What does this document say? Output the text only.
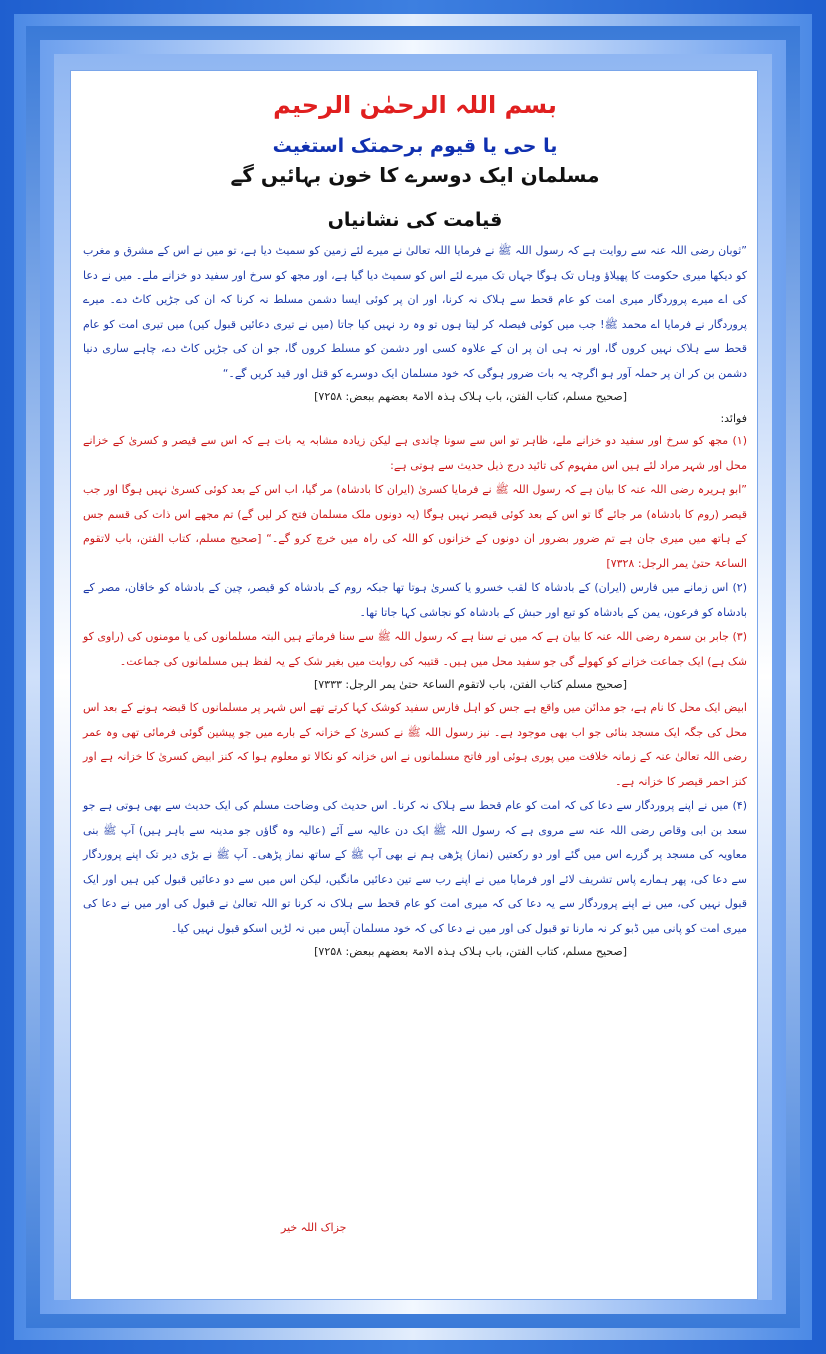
بسم اللہ الرحمٰن الرحیم
یا حی یا قیوم برحمتک استغیث
مسلمان ایک دوسرے کا خون بہائیں گے
قیامت کی نشانیاں

”ثوبان رضی اللہ عنہ سے روایت ہے کہ رسول اللہ ﷺ نے فرمایا اللہ تعالیٰ نے میرے لئے زمین کو سمیٹ دیا ہے، تو میں نے اس کے مشرق و مغرب کو دیکھا میری حکومت کا پھیلاؤ وہاں تک ہوگا جہاں تک میرے لئے اس کو سمیٹ دیا گیا ہے، اور مجھ کو سرخ اور سفید دو خزانے ملے۔ میں نے دعا کی اے میرے پروردگار میری امت کو عام قحط سے ہلاک نہ کرنا، اور ان پر کوئی ایسا دشمن مسلط نہ کرنا کہ ان کی جڑیں کاٹ دے۔ میرے پروردگار نے فرمایا اے محمد ﷺ! جب میں کوئی فیصلہ کر لیتا ہوں تو وہ رد نہیں کیا جاتا (میں نے تیری دعائیں قبول کیں) میں تیری امت کو عام قحط سے ہلاک نہیں کروں گا، اور نہ ہی ان پر ان کے علاوہ کسی اور دشمن کو مسلط کروں گا، جو ان کی جڑیں کاٹ دے، چاہے ساری دنیا دشمن بن کر ان پر حملہ آور ہو اگرچہ یہ بات ضرور ہوگی کہ خود مسلمان ایک دوسرے کو قتل اور قید کریں گے۔“

[صحیح مسلم، کتاب الفتن، باب ہلاک ہذہ الامۃ بعضھم ببعض: ۷۲۵۸]

فوائد:

(۱) مجھ کو سرخ اور سفید دو خزانے ملے، ظاہر تو اس سے سونا چاندی ہے لیکن زیادہ مشابہ یہ بات ہے کہ اس سے قیصر و کسریٰ کے خزانے محل اور شہر مراد لئے ہیں اس مفہوم کی تائید درج ذیل حدیث سے ہوتی ہے:

”ابو ہریرہ رضی اللہ عنہ کا بیان ہے کہ رسول اللہ ﷺ نے فرمایا کسریٰ (ایران کا بادشاہ) مر گیا، اب اس کے بعد کوئی کسریٰ نہیں ہوگا اور جب قیصر (روم کا بادشاہ) مر جائے گا تو اس کے بعد کوئی قیصر نہیں ہوگا (یہ دونوں ملک مسلمان فتح کر لیں گے) تم مجھے اس ذات کی قسم جس کے ہاتھ میں میری جان ہے تم ضرور بضرور ان دونوں کے خزانوں کو اللہ کی راہ میں خرچ کرو گے۔“ [صحیح مسلم، کتاب الفتن، باب لاتقوم الساعۃ حتیٰ یمر الرجل: ۷۳۲۸]

(۲) اس زمانے میں فارس (ایران) کے بادشاہ کا لقب خسرو یا کسریٰ ہوتا تھا جبکہ روم کے بادشاہ کو قیصر، چین کے بادشاہ کو خاقان، مصر کے بادشاہ کو فرعون، یمن کے بادشاہ کو تبع اور حبش کے بادشاہ کو نجاشی کہا جاتا تھا۔

(۳) جابر بن سمرہ رضی اللہ عنہ کا بیان ہے کہ میں نے سنا ہے کہ رسول اللہ ﷺ سے سنا فرماتے ہیں البتہ مسلمانوں کی یا مومنوں کی (راوی کو شک ہے) ایک جماعت خزانے کو کھولے گی جو سفید محل میں ہیں۔ قتیبہ کی روایت میں بغیر شک کے یہ لفظ ہیں مسلمانوں کی جماعت۔

[صحیح مسلم کتاب الفتن، باب لاتقوم الساعۃ حتیٰ یمر الرجل: ۷۳۳۳]

ابیض ایک محل کا نام ہے، جو مدائن میں واقع ہے جس کو اہل فارس سفید کوشک کہا کرتے تھے اس شہر پر مسلمانوں کا قبضہ ہونے کے بعد اس محل کی جگہ ایک مسجد بنائی جو اب بھی موجود ہے۔ نیز رسول اللہ ﷺ نے کسریٰ کے خزانہ کے بارے میں جو پیشین گوئی فرمائی تھی وہ عمر رضی اللہ تعالیٰ عنہ کے زمانہ خلافت میں پوری ہوئی اور فاتح مسلمانوں نے اس خزانہ کو نکالا تو معلوم ہوا کہ کنز ابیض کسریٰ کا خزانہ ہے اور کنز احمر قیصر کا خزانہ ہے۔

(۴) میں نے اپنے پروردگار سے دعا کی کہ امت کو عام قحط سے ہلاک نہ کرنا۔ اس حدیث کی وضاحت مسلم کی ایک حدیث سے بھی ہوتی ہے جو سعد بن ابی وقاص رضی اللہ عنہ سے مروی ہے کہ رسول اللہ ﷺ ایک دن عالیہ سے آئے (عالیہ وہ گاؤں جو مدینہ سے باہر ہیں) آپ ﷺ بنی معاویہ کی مسجد پر گزرے اس میں گئے اور دو رکعتیں (نماز) پڑھی ہم نے بھی آپ ﷺ کے ساتھ نماز پڑھی۔ آپ ﷺ نے بڑی دیر تک اپنے پروردگار سے دعا کی، پھر ہمارے پاس تشریف لائے اور فرمایا میں نے اپنے رب سے تین دعائیں مانگیں، لیکن اس میں سے دو دعائیں قبول کیں ہیں اور ایک قبول نہیں کی، میں نے اپنے پروردگار سے یہ دعا کی کہ میری امت کو عام قحط سے ہلاک نہ کرنا تو اللہ تعالیٰ نے قبول کی اور میں نے دعا کی میری امت کو پانی میں ڈبو کر نہ مارنا تو قبول کی اور میں نے دعا کی کہ خود مسلمان آپس میں نہ لڑیں اسکو قبول نہیں کیا۔

[صحیح مسلم، کتاب الفتن، باب ہلاک ہذہ الامۃ بعضھم ببعض: ۷۲۵۸]

جزاک اللہ خیر
